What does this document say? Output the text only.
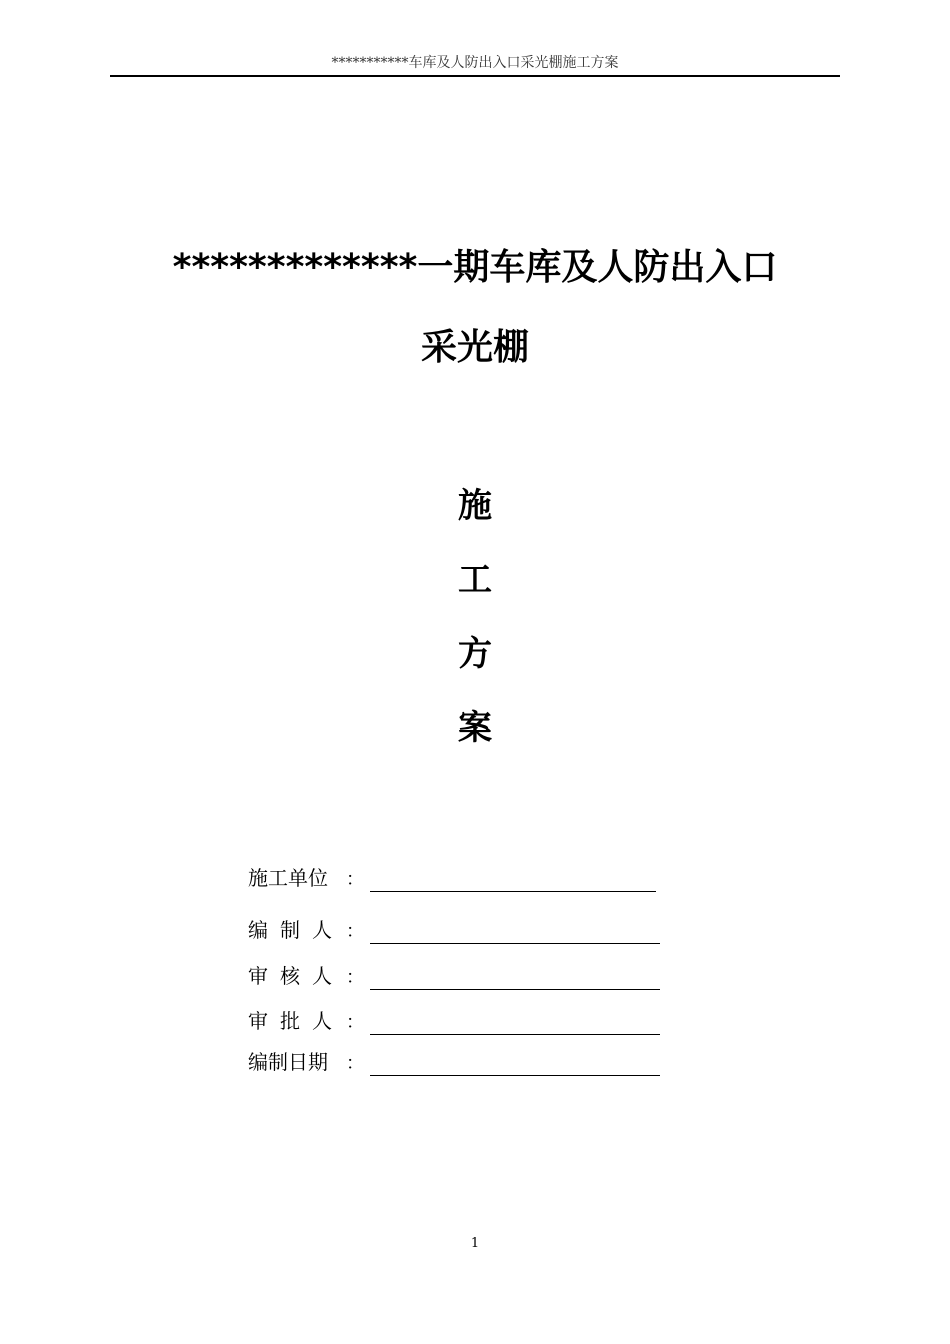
***********车库及人防出入口采光棚施工方案
*************一期车库及人防出入口
采光棚
施
工
方
案
施工单位 ：
编制人 ：
审核人 ：
审批人 ：
编制日期 ：
1
